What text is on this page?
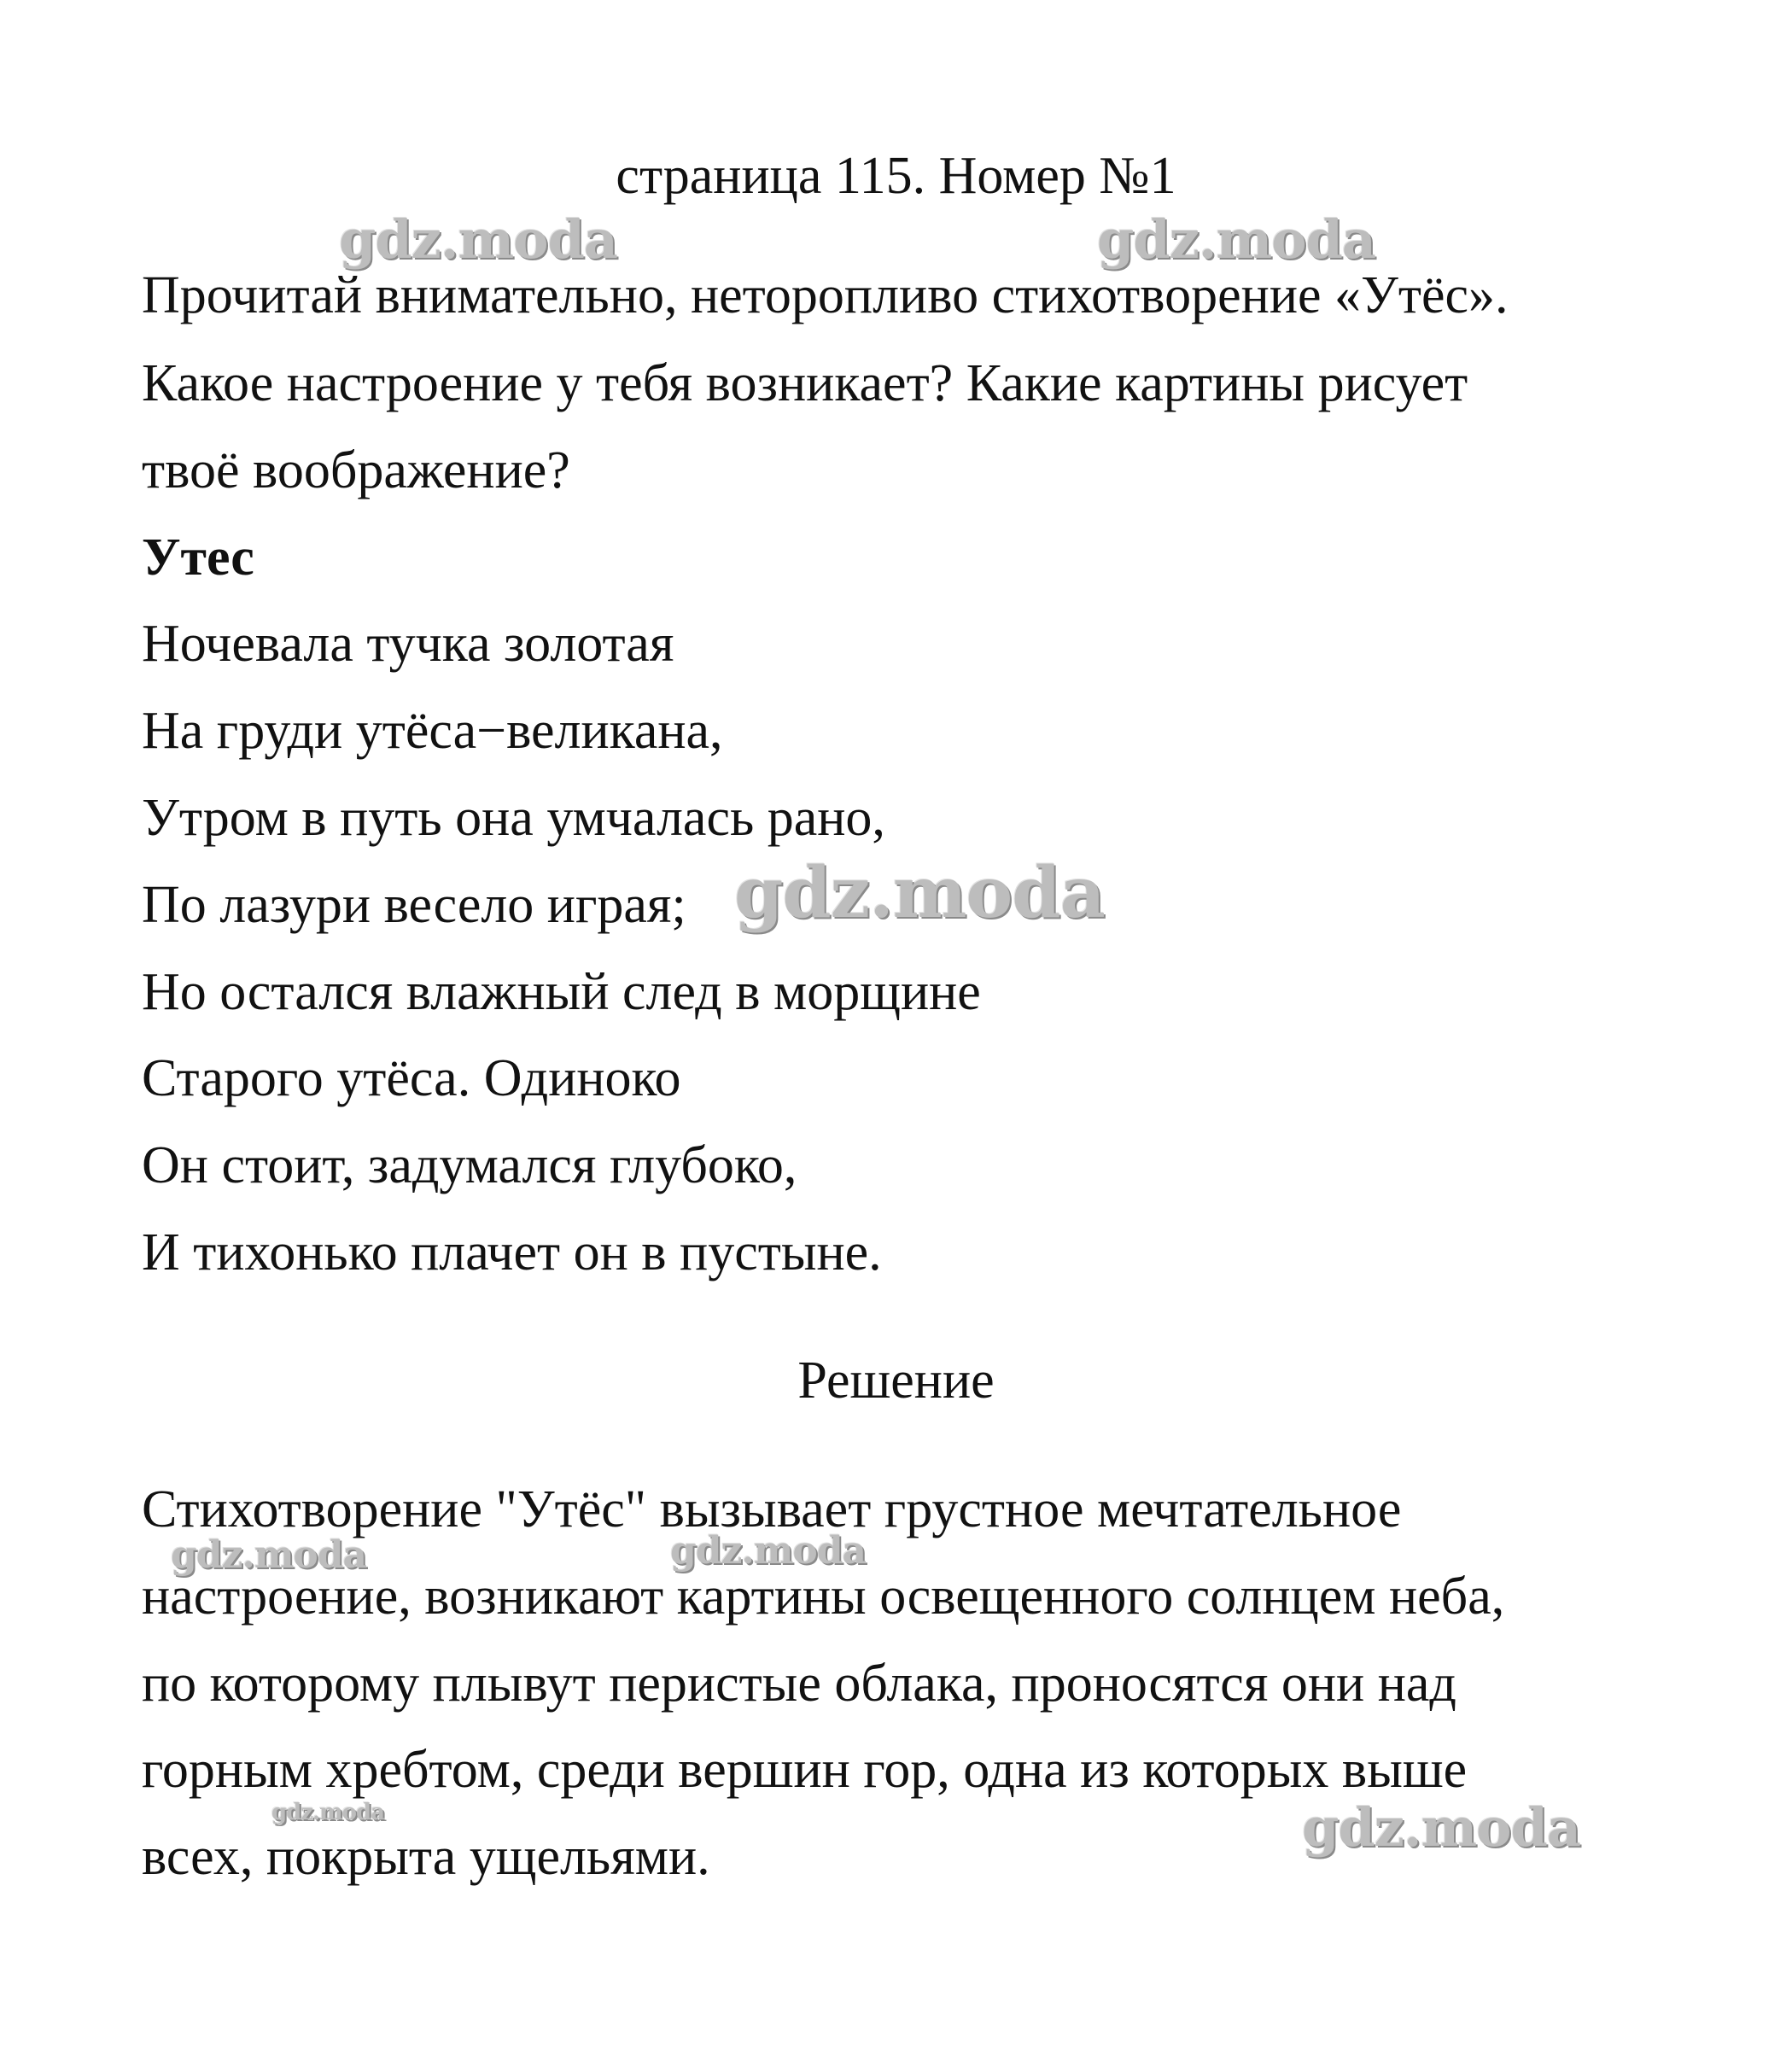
страница 115. Номер №1
Прочитай внимательно, неторопливо стихотворение «Утёс».
Какое настроение у тебя возникает? Какие картины рисует
твоё воображение?
Утес
Ночевала тучка золотая
На груди утёса−великана,
Утром в путь она умчалась рано,
По лазури весело играя;
Но остался влажный след в морщине
Старого утёса. Одиноко
Он стоит, задумался глубоко,
И тихонько плачет он в пустыне.
Решение
Стихотворение "Утёс" вызывает грустное мечтательное
настроение, возникают картины освещенного солнцем неба,
по которому плывут перистые облака, проносятся они над
горным хребтом, среди вершин гор, одна из которых выше
всех, покрыта ущельями.
gdz.moda	gdz.moda
gdz.moda
gdz.moda	gdz.moda
gdz.moda	gdz.moda
